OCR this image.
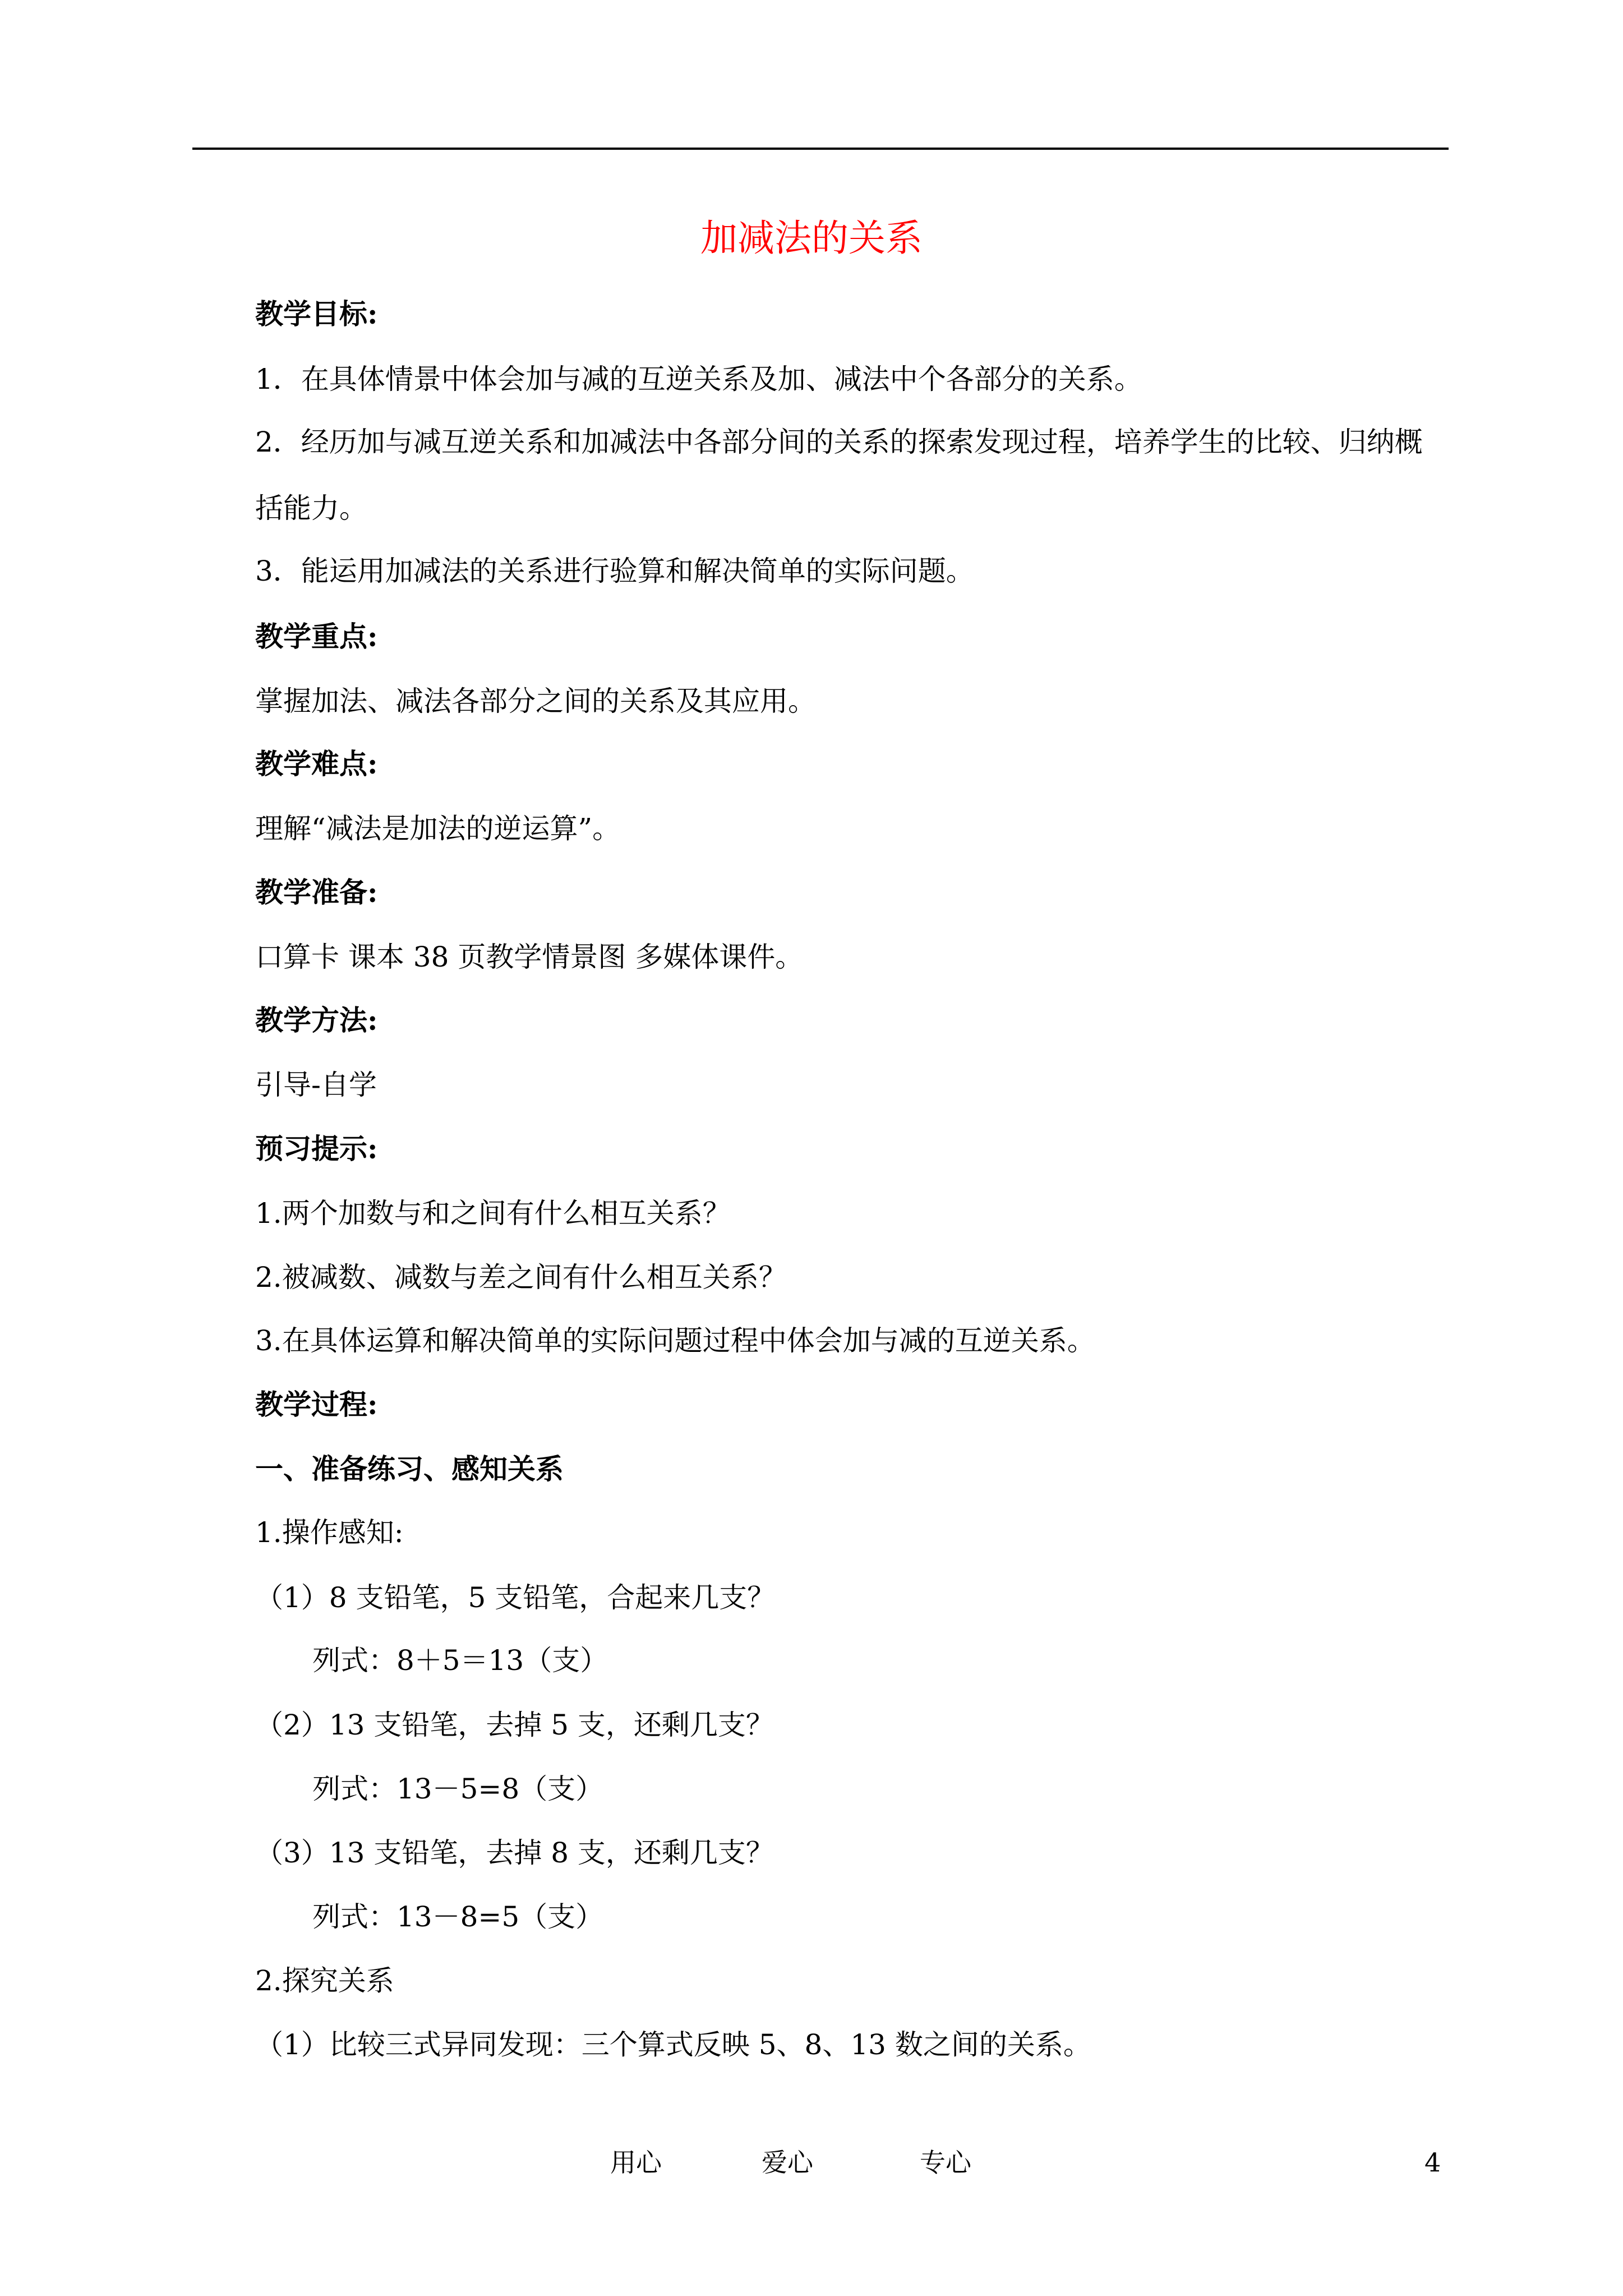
加减法的关系
教学目标:
1．在具体情景中体会加与减的互逆关系及加、减法中个各部分的关系。
2．经历加与减互逆关系和加减法中各部分间的关系的探索发现过程，培养学生的比较、归纳概
括能力。
3．能运用加减法的关系进行验算和解决简单的实际问题。
教学重点:
掌握加法、减法各部分之间的关系及其应用。
教学难点:
理解“减法是加法的逆运算”。
教学准备:
口算卡 课本 38 页教学情景图 多媒体课件。
教学方法:
引导-自学
预习提示:
1.两个加数与和之间有什么相互关系？
2.被减数、减数与差之间有什么相互关系？
3.在具体运算和解决简单的实际问题过程中体会加与减的互逆关系。
教学过程:
一、准备练习、感知关系
1.操作感知:
（1）8 支铅笔，5 支铅笔，合起来几支？
列式：8＋5＝13（支）
（2）13 支铅笔，去掉 5 支，还剩几支？
列式：13－5=8（支）
（3）13 支铅笔，去掉 8 支，还剩几支？
列式：13－8=5（支）
2.探究关系
（1）比较三式异同发现：三个算式反映 5、8、13 数之间的关系。
用心	爱心	专心	4
